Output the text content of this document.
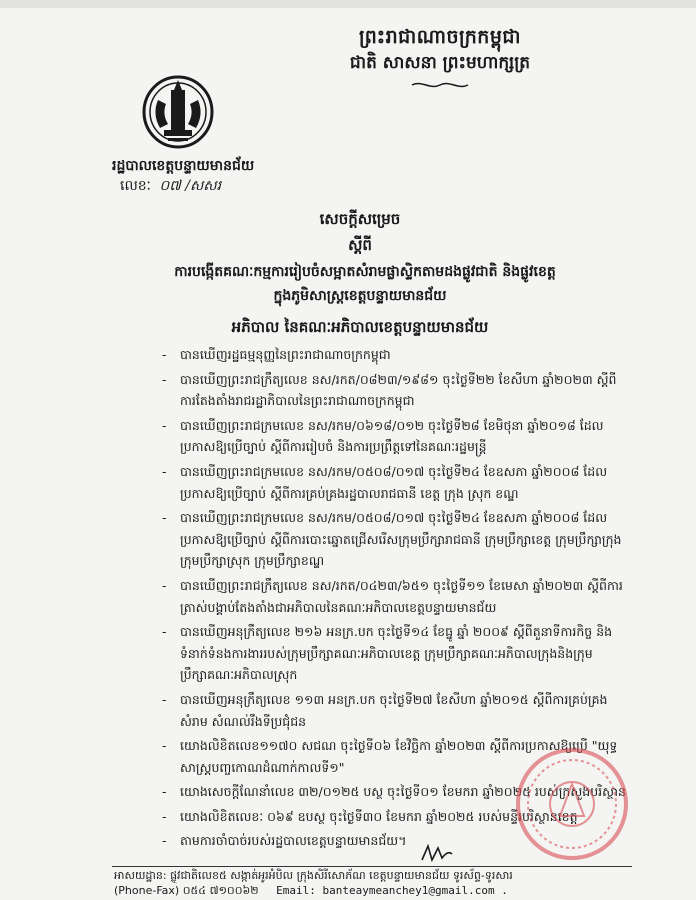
ព្រះរាជាណាចក្រកម្ពុជា
ជាតិ សាសនា ព្រះមហាក្សត្រ
រដ្ឋបាលខេត្តបន្ទាយមានជ័យ
លេខៈ ០៧ /សសរ
សេចក្តីសម្រេច
ស្តីពី
ការបង្កើតគណៈកម្មការរៀបចំសម្អាតសំរាមផ្លាស្ទិកតាមដងផ្លូវជាតិ និងផ្លូវខេត្ត
ក្នុងភូមិសាស្ត្រខេត្តបន្ទាយមានជ័យ
អភិបាល នៃគណៈអភិបាលខេត្តបន្ទាយមានជ័យ
- បានឃើញរដ្ឋធម្មនុញ្ញនៃព្រះរាជាណាចក្រកម្ពុជា
- បានឃើញព្រះរាជក្រឹត្យលេខ នស/រកត/០៨២៣/១៩៨១ ចុះថ្ងៃទី២២ ខែសីហា ឆ្នាំ២០២៣ ស្តីពីការតែងតាំងរាជរដ្ឋាភិបាលនៃព្រះរាជាណាចក្រកម្ពុជា
- បានឃើញព្រះរាជក្រមលេខ នស/រកម/០៦១៨/០១២ ចុះថ្ងៃទី២៨ ខែមិថុនា ឆ្នាំ២០១៨ ដែលប្រកាសឱ្យប្រើច្បាប់ ស្តីពីការរៀបចំ និងការប្រព្រឹត្តទៅនៃគណៈរដ្ឋមន្ត្រី
- បានឃើញព្រះរាជក្រមលេខ នស/រកម/០៥០៨/០១៧ ចុះថ្ងៃទី២៤ ខែឧសភា ឆ្នាំ២០០៨ ដែលប្រកាសឱ្យប្រើច្បាប់ ស្តីពីការគ្រប់គ្រងរដ្ឋបាលរាជធានី ខេត្ត ក្រុង ស្រុក ខណ្ឌ
- បានឃើញព្រះរាជក្រមលេខ នស/រកម/០៥០៨/០១៧ ចុះថ្ងៃទី២៤ ខែឧសភា ឆ្នាំ២០០៨ ដែលប្រកាសឱ្យប្រើច្បាប់ ស្តីពីការបោះឆ្នោតជ្រើសរើសក្រុមប្រឹក្សារាជធានី ក្រុមប្រឹក្សាខេត្ត ក្រុមប្រឹក្សាក្រុង ក្រុមប្រឹក្សាស្រុក ក្រុមប្រឹក្សាខណ្ឌ
- បានឃើញព្រះរាជក្រឹត្យលេខ នស/រកត/០៤២៣/៦៥១ ចុះថ្ងៃទី១១ ខែមេសា ឆ្នាំ២០២៣ ស្តីពីការត្រាស់បង្គាប់តែងតាំងជាអភិបាលនៃគណៈអភិបាលខេត្តបន្ទាយមានជ័យ
- បានឃើញអនុក្រឹត្យលេខ ២១៦ អនក្រ.បក ចុះថ្ងៃទី១៤ ខែធ្នូ ឆ្នាំ ២០០៩ ស្តីពីតួនាទីការកិច្ច និងទំនាក់ទំនងការងាររបស់ក្រុមប្រឹក្សាគណៈអភិបាលខេត្ត ក្រុមប្រឹក្សាគណៈអភិបាលក្រុងនិងក្រុមប្រឹក្សាគណៈអភិបាលស្រុក
- បានឃើញអនុក្រឹត្យលេខ ១១៣ អនក្រ.បក ចុះថ្ងៃទី២៧ ខែសីហា ឆ្នាំ២០១៥ ស្តីពីការគ្រប់គ្រងសំរាម សំណល់រឹងទីប្រជុំជន
- យោងលិខិតលេខ១១៧០ សជណ ចុះថ្ងៃទី០៦ ខែវិច្ឆិកា ឆ្នាំ២០២៣ ស្តីពីការប្រកាសឱ្យប្រើ "យុទ្ធសាស្ត្របញ្ចកោណដំណាក់កាលទី១"
- យោងសេចក្តីណែនាំលេខ ៣២/០១២៥ បស្ថ ចុះថ្ងៃទី០១ ខែមករា ឆ្នាំ២០២៥ របស់ក្រសួងបរិស្ថាន
- យោងលិខិតលេខៈ ០៦៩ ឧបស្ថ ចុះថ្ងៃទី៣០ ខែមករា ឆ្នាំ២០២៥ របស់មន្ទីរបរិស្ថានខេត្ត
- តាមការចាំបាច់របស់រដ្ឋបាលខេត្តបន្ទាយមានជ័យ។
អាសយដ្ឋាន: ផ្លូវជាតិលេខ៥ សង្កាត់អូរអំបិល ក្រុងសិរីសោភ័ណ ខេត្តបន្ទាយមានជ័យ ទូរស័ព្ទ-ទូរសារ
(Phone-Fax) ០៥៤ ៧១០០៦២ Email: banteaymeanchey1@gmail.com .
